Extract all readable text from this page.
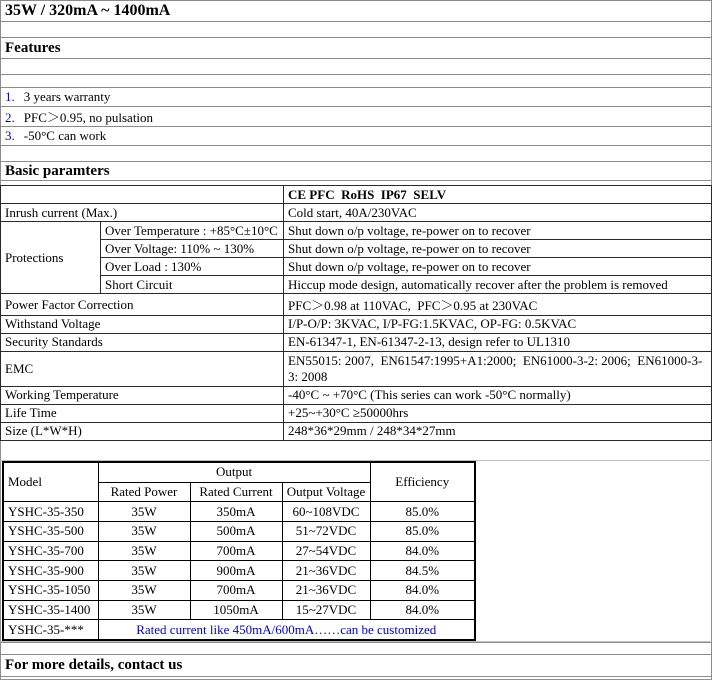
35W / 320mA ~ 1400mA

Features

1. 3 years warranty
2. PFC＞0.95, no pulsation
3. -50°C can work

Basic paramters
		CE PFC  RoHS  IP67  SELV
Inrush current (Max.)		Cold start, 40A/230VAC
Protections	Over Temperature : +85°C±10°C	Shut down o/p voltage, re-power on to recover
	Over Voltage: 110% ~ 130%	Shut down o/p voltage, re-power on to recover
	Over Load : 130%	Shut down o/p voltage, re-power on to recover
	Short Circuit	Hiccup mode design, automatically recover after the problem is removed
Power Factor Correction		PFC＞0.98 at 110VAC,  PFC＞0.95 at 230VAC
Withstand Voltage		I/P-O/P: 3KVAC, I/P-FG:1.5KVAC, OP-FG: 0.5KVAC
Security Standards		EN-61347-1, EN-61347-2-13, design refer to UL1310
EMC		EN55015: 2007,  EN61547:1995+A1:2000;  EN61000-3-2: 2006;  EN61000-3-3: 2008
Working Temperature		-40°C ~ +70°C (This series can work -50°C normally)
Life Time		+25~+30°C ≥50000hrs
Size (L*W*H)		248*36*29mm / 248*34*27mm
Model	Output			Efficiency
	Rated Power	Rated Current	Output Voltage	
YSHC-35-350	35W	350mA	60~108VDC	85.0%
YSHC-35-500	35W	500mA	51~72VDC	85.0%
YSHC-35-700	35W	700mA	27~54VDC	84.0%
YSHC-35-900	35W	900mA	21~36VDC	84.5%
YSHC-35-1050	35W	700mA	21~36VDC	84.0%
YSHC-35-1400	35W	1050mA	15~27VDC	84.0%
YSHC-35-***	Rated current like 450mA/600mA……can be customized			

For more details, contact us
